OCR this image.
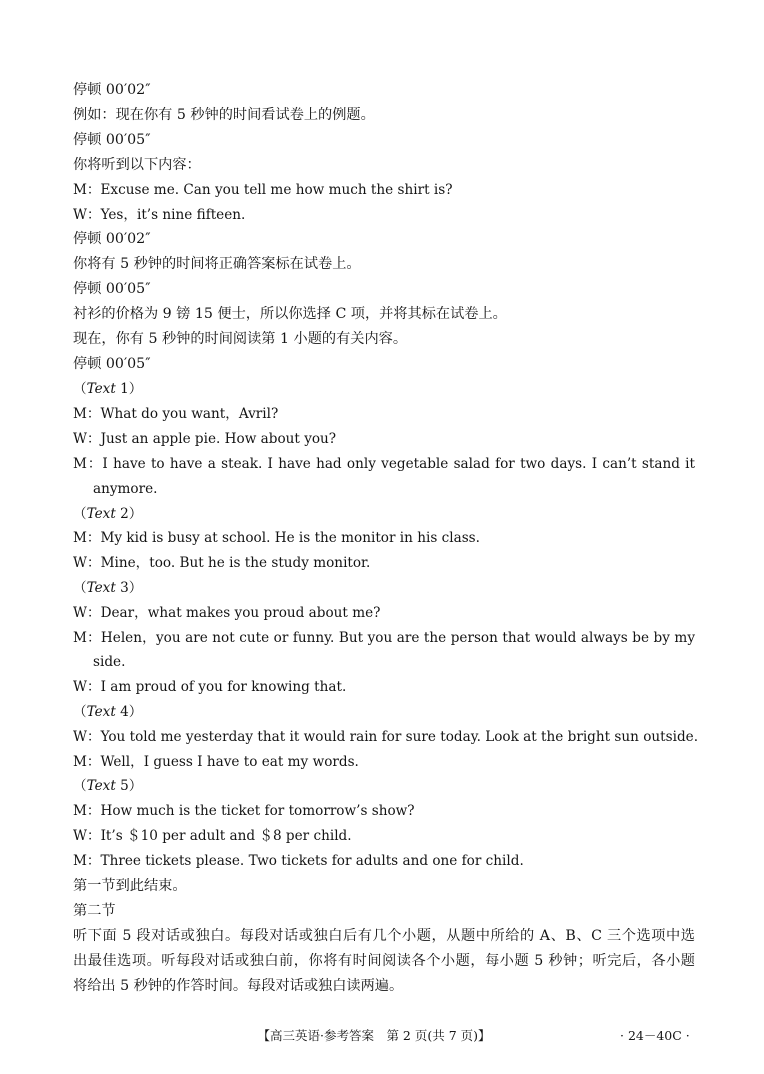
停顿 00′02″
例如：现在你有 5 秒钟的时间看试卷上的例题。
停顿 00′05″
你将听到以下内容：
M：Excuse me. Can you tell me how much the shirt is?
W：Yes，it’s nine fifteen.
停顿 00′02″
你将有 5 秒钟的时间将正确答案标在试卷上。
停顿 00′05″
衬衫的价格为 9 镑 15 便士，所以你选择 C 项，并将其标在试卷上。
现在，你有 5 秒钟的时间阅读第 1 小题的有关内容。
停顿 00′05″
（Text 1）
M：What do you want，Avril?
W：Just an apple pie. How about you?
M：I have to have a steak. I have had only vegetable salad for two days. I can’t stand it
anymore.
（Text 2）
M：My kid is busy at school. He is the monitor in his class.
W：Mine，too. But he is the study monitor.
（Text 3）
W：Dear，what makes you proud about me?
M：Helen，you are not cute or funny. But you are the person that would always be by my
side.
W：I am proud of you for knowing that.
（Text 4）
W：You told me yesterday that it would rain for sure today. Look at the bright sun outside.
M：Well，I guess I have to eat my words.
（Text 5）
M：How much is the ticket for tomorrow’s show?
W：It’s ＄10 per adult and ＄8 per child.
M：Three tickets please. Two tickets for adults and one for child.
第一节到此结束。
第二节
听下面 5 段对话或独白。每段对话或独白后有几个小题，从题中所给的 A、B、C 三个选项中选
出最佳选项。听每段对话或独白前，你将有时间阅读各个小题，每小题 5 秒钟；听完后，各小题
将给出 5 秒钟的作答时间。每段对话或独白读两遍。
【高三英语·参考答案　第 2 页(共 7 页)】	· 24－40C ·
